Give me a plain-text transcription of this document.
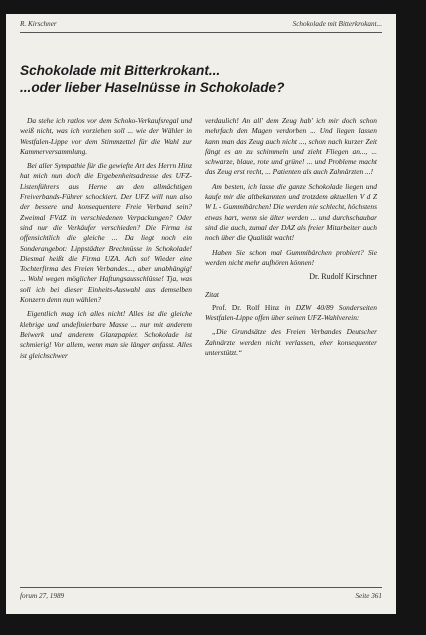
R. Kirschner	Schokolade mit Bitterkrokant...
Schokolade mit Bitterkrokant...
...oder lieber Haselnüsse in Schokolade?

Da stehe ich ratlos vor dem Schoko-Verkaufsregal und weiß nicht, was ich vorziehen soll ... wie der Wähler in Westfalen-Lippe vor dem Stimmzettel für die Wahl zur Kammerversammlung.

Bei aller Sympathie für die gewiefte Art des Herrn Hinz hat mich nun doch die Ergebenheitsadresse des UFZ-Listenführers aus Herne an den allmächtigen Freiverbands-Führer schockiert. Der UFZ will nun also der bessere und konsequentere Freie Verband sein? Zweimal FVdZ in verschiedenen Verpackungen? Oder sind nur die Verkäufer verschieden? Die Firma ist offensichtlich die gleiche ... Da liegt noch ein Sonderangebot: Lippstädter Brechnüsse in Schokolade! Diesmal heißt die Firma UZA. Ach so! Wieder eine Tochterfirma des Freien Verbandes..., aber unabhängig! ... Wohl wegen möglicher Haftungsausschlüsse! Tja, was soll ich bei dieser Einheits-Auswahl aus demselben Konzern denn nun wählen?

Eigentlich mag ich alles nicht! Alles ist die gleiche klebrige und undefinierbare Masse ... nur mit anderem Beiwerk und anderem Glanzpapier. Schokolade ist schmierig! Vor allem, wenn man sie länger anfasst. Alles ist gleichschwer

verdaulich! An all' dem Zeug hab' ich mir doch schon mehrfach den Magen verdorben ... Und liegen lassen kann man das Zeug auch nicht ..., schon nach kurzer Zeit fängt es an zu schimmeln und zieht Fliegen an..., ... schwarze, blaue, rote und grüne! ... und Probleme macht das Zeug erst recht, ... Patienten als auch Zahnärzten ...!

Am besten, ich lasse die ganze Schokolade liegen und kaufe mir die altbekannten und trotzdem aktuellen V d Z W L - Gummibärchen! Die werden nie schlecht, höchstens etwas hart, wenn sie älter werden ... und durchschaubar sind die auch, zumal der DAZ als freier Mitarbeiter auch noch über die Qualität wacht!

Haben Sie schon mal Gummibärchen probiert? Sie werden nicht mehr aufhören können!

Dr. Rudolf Kirschner

Zitat

Prof. Dr. Rolf Hinz in DZW 40/89 Sonderseiten Westfalen-Lippe offen über seinen UFZ-Wahlverein:

„Die Grundsätze des Freien Verbandes Deutscher Zahnärzte werden nicht verlassen, eher konsequenter unterstützt.“

forum 27, 1989	Seite 361
